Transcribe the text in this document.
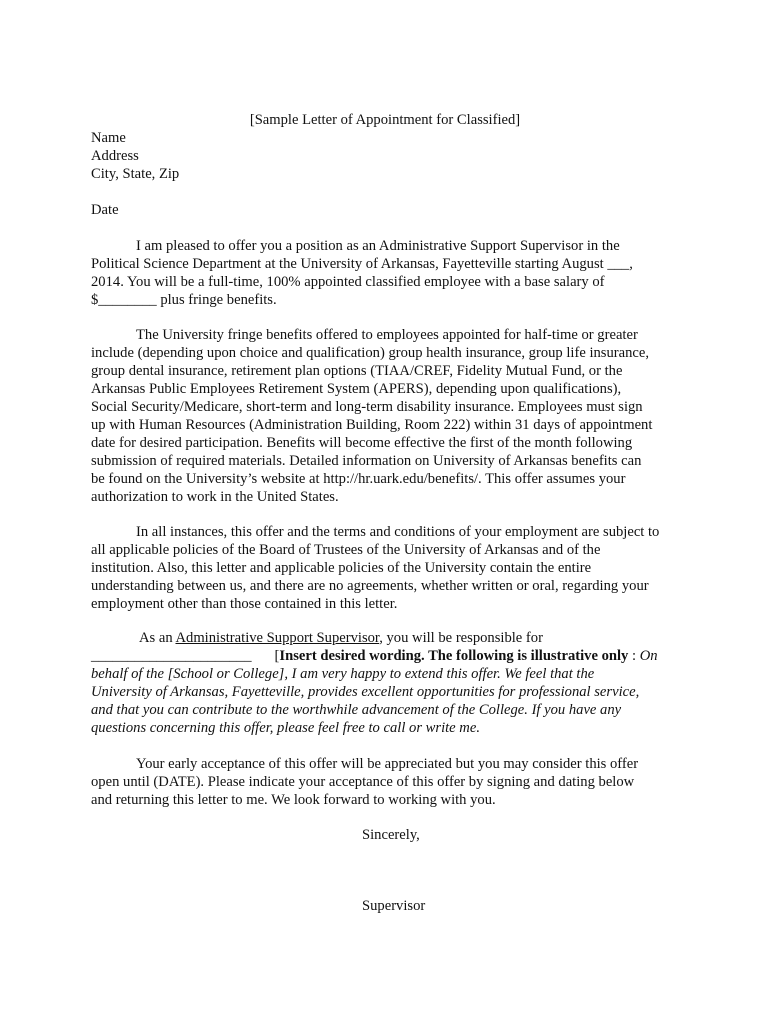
[Sample Letter of Appointment for Classified]
Name
Address
City, State, Zip
Date
I am pleased to offer you a position as an Administrative Support Supervisor in the
Political Science Department at the University of Arkansas, Fayetteville starting August ___,
2014. You will be a full-time, 100% appointed classified employee with a base salary of
$________ plus fringe benefits.
The University fringe benefits offered to employees appointed for half-time or greater
include (depending upon choice and qualification) group health insurance, group life insurance,
group dental insurance, retirement plan options (TIAA/CREF, Fidelity Mutual Fund, or the
Arkansas Public Employees Retirement System (APERS), depending upon qualifications),
Social Security/Medicare, short-term and long-term disability insurance. Employees must sign
up with Human Resources (Administration Building, Room 222) within 31 days of appointment
date for desired participation. Benefits will become effective the first of the month following
submission of required materials. Detailed information on University of Arkansas benefits can
be found on the University’s website at http://hr.uark.edu/benefits/. This offer assumes your
authorization to work in the United States.
In all instances, this offer and the terms and conditions of your employment are subject to
all applicable policies of the Board of Trustees of the University of Arkansas and of the
institution. Also, this letter and applicable policies of the University contain the entire
understanding between us, and there are no agreements, whether written or oral, regarding your
employment other than those contained in this letter.
As an Administrative Support Supervisor, you will be responsible for
______________________ [Insert desired wording. The following is illustrative only : On
behalf of the [School or College], I am very happy to extend this offer. We feel that the
University of Arkansas, Fayetteville, provides excellent opportunities for professional service,
and that you can contribute to the worthwhile advancement of the College. If you have any
questions concerning this offer, please feel free to call or write me.
Your early acceptance of this offer will be appreciated but you may consider this offer
open until (DATE). Please indicate your acceptance of this offer by signing and dating below
and returning this letter to me. We look forward to working with you.
Sincerely,
Supervisor
